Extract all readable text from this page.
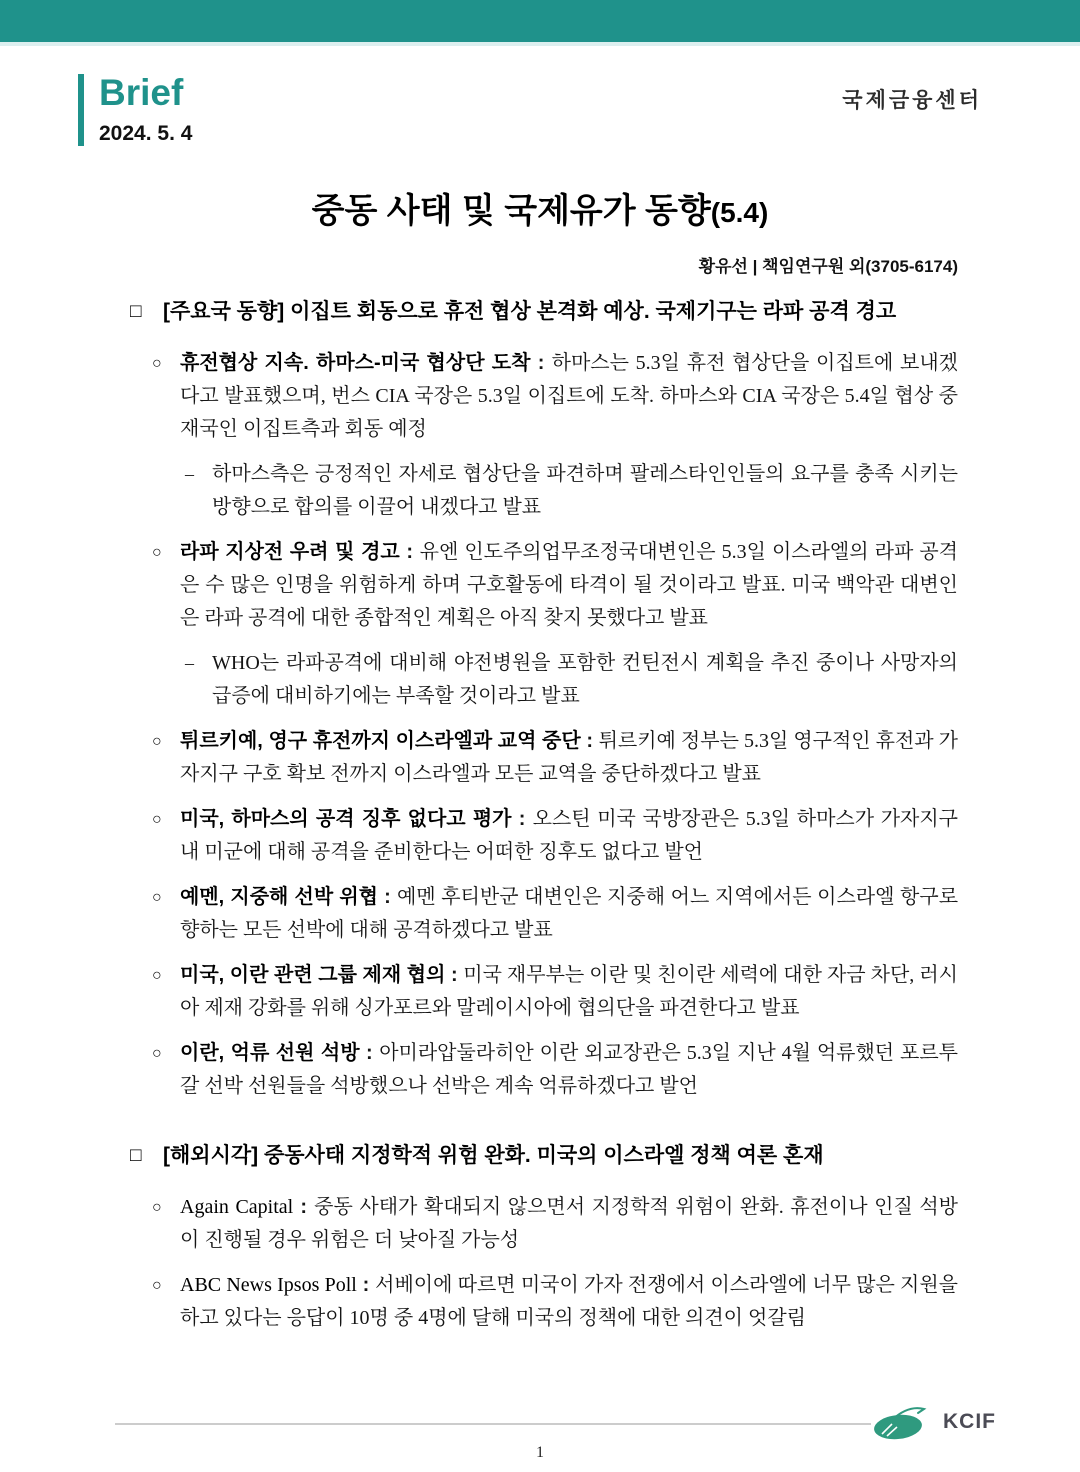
Brief
2024. 5. 4
국제금융센터
중동 사태 및 국제유가 동향(5.4)
황유선 | 책임연구원 외(3705-6174)
□	[주요국 동향] 이집트 회동으로 휴전 협상 본격화 예상. 국제기구는 라파 공격 경고
○ 휴전협상 지속. 하마스-미국 협상단 도착 : 하마스는 5.3일 휴전 협상단을 이집트에 보내겠다고 발표했으며, 번스 CIA 국장은 5.3일 이집트에 도착. 하마스와 CIA 국장은 5.4일 협상 중재국인 이집트측과 회동 예정
– 하마스측은 긍정적인 자세로 협상단을 파견하며 팔레스타인인들의 요구를 충족 시키는 방향으로 합의를 이끌어 내겠다고 발표
○ 라파 지상전 우려 및 경고 : 유엔 인도주의업무조정국대변인은 5.3일 이스라엘의 라파 공격은 수 많은 인명을 위험하게 하며 구호활동에 타격이 될 것이라고 발표. 미국 백악관 대변인은 라파 공격에 대한 종합적인 계획은 아직 찾지 못했다고 발표
– WHO는 라파공격에 대비해 야전병원을 포함한 컨틴전시 계획을 추진 중이나 사망자의 급증에 대비하기에는 부족할 것이라고 발표
○ 튀르키예, 영구 휴전까지 이스라엘과 교역 중단 : 튀르키예 정부는 5.3일 영구적인 휴전과 가자지구 구호 확보 전까지 이스라엘과 모든 교역을 중단하겠다고 발표
○ 미국, 하마스의 공격 징후 없다고 평가 : 오스틴 미국 국방장관은 5.3일 하마스가 가자지구 내 미군에 대해 공격을 준비한다는 어떠한 징후도 없다고 발언
○ 예멘, 지중해 선박 위협 : 예멘 후티반군 대변인은 지중해 어느 지역에서든 이스라엘 항구로 향하는 모든 선박에 대해 공격하겠다고 발표
○ 미국, 이란 관련 그룹 제재 협의 : 미국 재무부는 이란 및 친이란 세력에 대한 자금 차단, 러시아 제재 강화를 위해 싱가포르와 말레이시아에 협의단을 파견한다고 발표
○ 이란, 억류 선원 석방 : 아미라압둘라히안 이란 외교장관은 5.3일 지난 4월 억류했던 포르투갈 선박 선원들을 석방했으나 선박은 계속 억류하겠다고 발언
□	[해외시각] 중동사태 지정학적 위험 완화. 미국의 이스라엘 정책 여론 혼재
○ Again Capital : 중동 사태가 확대되지 않으면서 지정학적 위험이 완화. 휴전이나 인질 석방이 진행될 경우 위험은 더 낮아질 가능성
○ ABC News Ipsos Poll : 서베이에 따르면 미국이 가자 전쟁에서 이스라엘에 너무 많은 지원을 하고 있다는 응답이 10명 중 4명에 달해 미국의 정책에 대한 의견이 엇갈림
KCIF
1
